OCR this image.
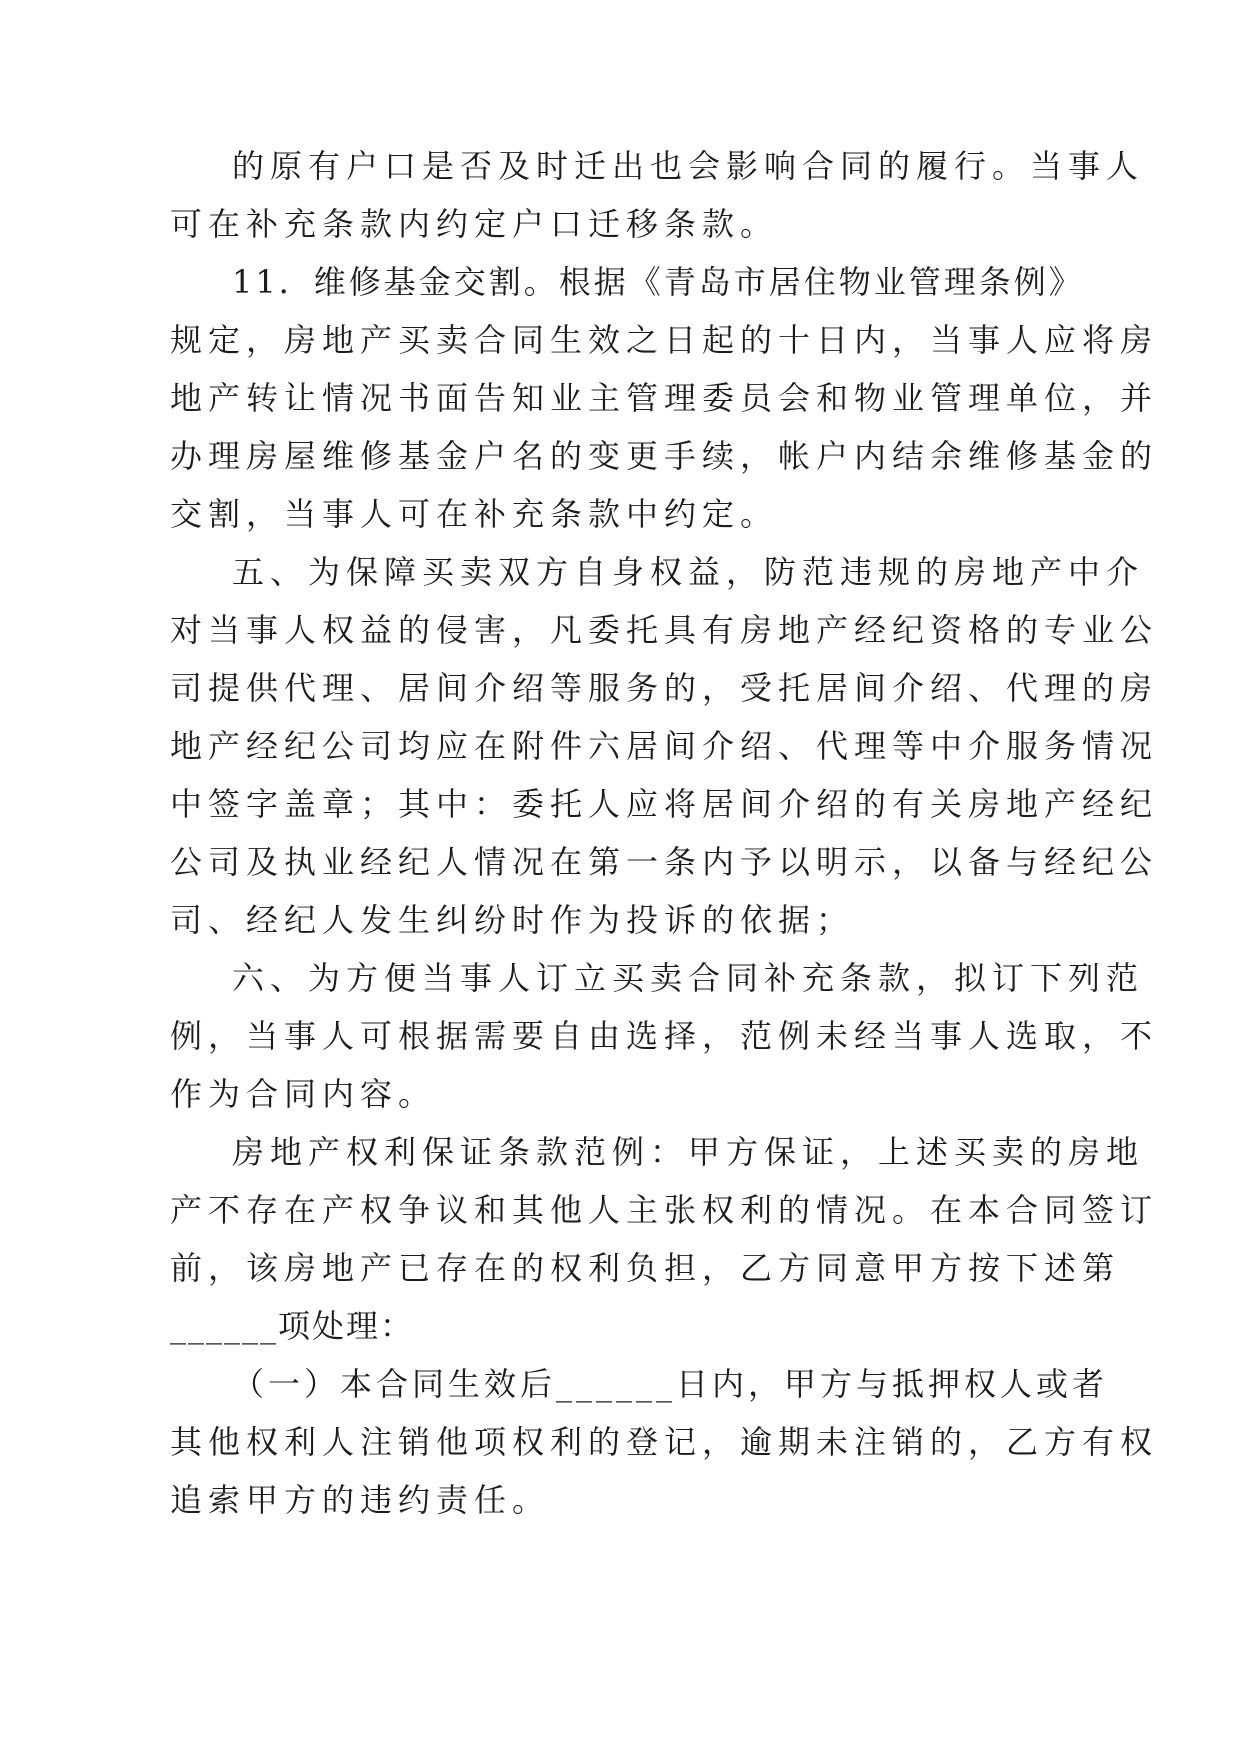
的原有户口是否及时迁出也会影响合同的履行。当事人
可在补充条款内约定户口迁移条款。
11．维修基金交割。根据《青岛市居住物业管理条例》
规定，房地产买卖合同生效之日起的十日内，当事人应将房
地产转让情况书面告知业主管理委员会和物业管理单位，并
办理房屋维修基金户名的变更手续，帐户内结余维修基金的
交割，当事人可在补充条款中约定。
五、为保障买卖双方自身权益，防范违规的房地产中介
对当事人权益的侵害，凡委托具有房地产经纪资格的专业公
司提供代理、居间介绍等服务的，受托居间介绍、代理的房
地产经纪公司均应在附件六居间介绍、代理等中介服务情况
中签字盖章；其中：委托人应将居间介绍的有关房地产经纪
公司及执业经纪人情况在第一条内予以明示，以备与经纪公
司、经纪人发生纠纷时作为投诉的依据；
六、为方便当事人订立买卖合同补充条款，拟订下列范
例，当事人可根据需要自由选择，范例未经当事人选取，不
作为合同内容。
房地产权利保证条款范例：甲方保证，上述买卖的房地
产不存在产权争议和其他人主张权利的情况。在本合同签订
前，该房地产已存在的权利负担，乙方同意甲方按下述第
______项处理：
（一）本合同生效后______日内，甲方与抵押权人或者
其他权利人注销他项权利的登记，逾期未注销的，乙方有权
追索甲方的违约责任。
